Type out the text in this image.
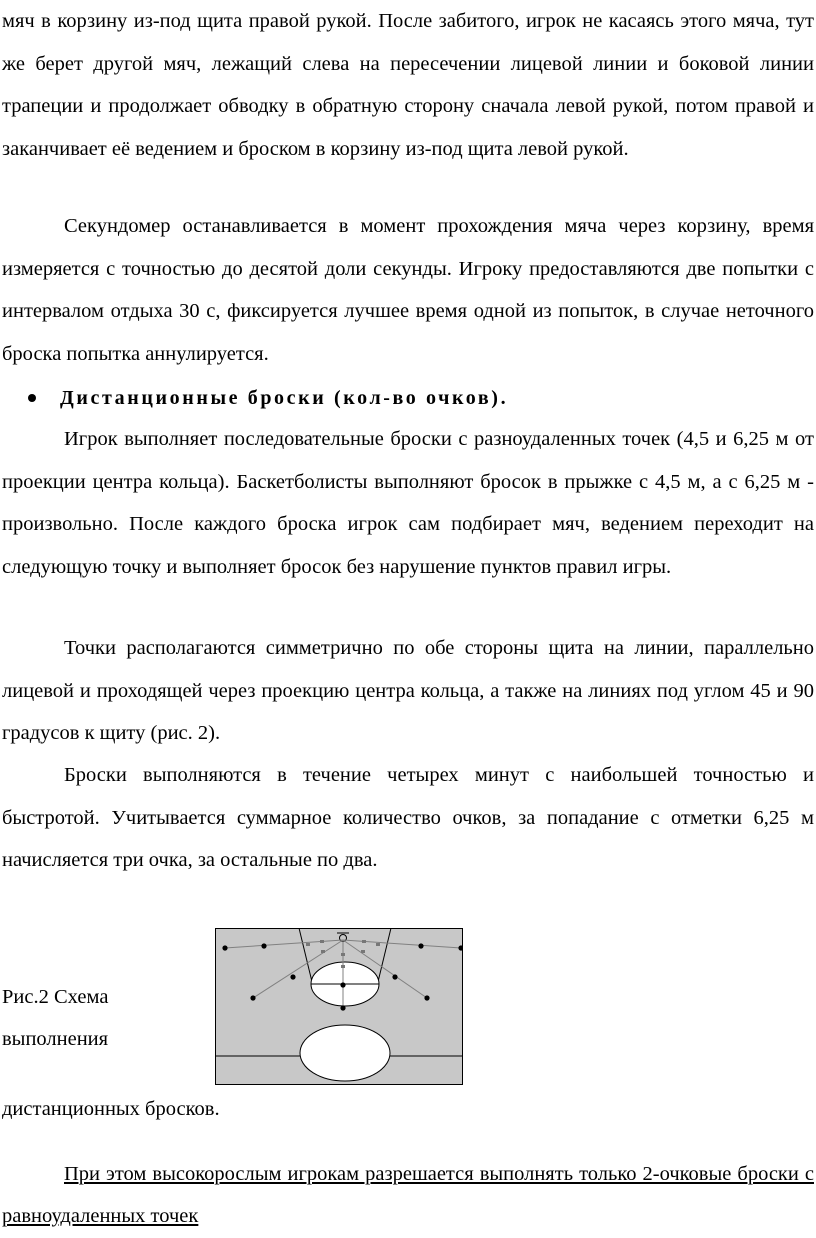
мяч в корзину из-под щита правой рукой. После забитого, игрок не касаясь этого мяча, тут же берет другой мяч, лежащий слева на пересечении лицевой линии и боковой линии трапеции и продолжает обводку в обратную сторону сначала левой рукой, потом правой и заканчивает её ведением и броском в корзину из-под щита левой рукой.

Секундомер останавливается в момент прохождения мяча через корзину, время измеряется с точностью до десятой доли секунды. Игроку предоставляются две попытки с интервалом отдыха 30 с, фиксируется лучшее время одной из попыток, в случае неточного броска попытка аннулируется.

Дистанционные броски (кол-во очков).

Игрок выполняет последовательные броски с разноудаленных точек (4,5 и 6,25 м от проекции центра кольца). Баскетболисты выполняют бросок в прыжке с 4,5 м, а с 6,25 м - произвольно. После каждого броска игрок сам подбирает мяч, ведением переходит на следующую точку и выполняет бросок без нарушение пунктов правил игры.

Точки располагаются симметрично по обе стороны щита на линии, параллельно лицевой и проходящей через проекцию центра кольца, а также на линиях под углом 45 и 90 градусов к щиту (рис. 2).

Броски выполняются в течение четырех минут с наибольшей точностью и быстротой. Учитывается суммарное количество очков, за попадание с отметки 6,25 м начисляется три очка, за остальные по два.

Рис.2 Схема
выполнения
дистанционных бросков.

При этом высокорослым игрокам разрешается выполнять только 2-очковые броски с равноудаленных точек
